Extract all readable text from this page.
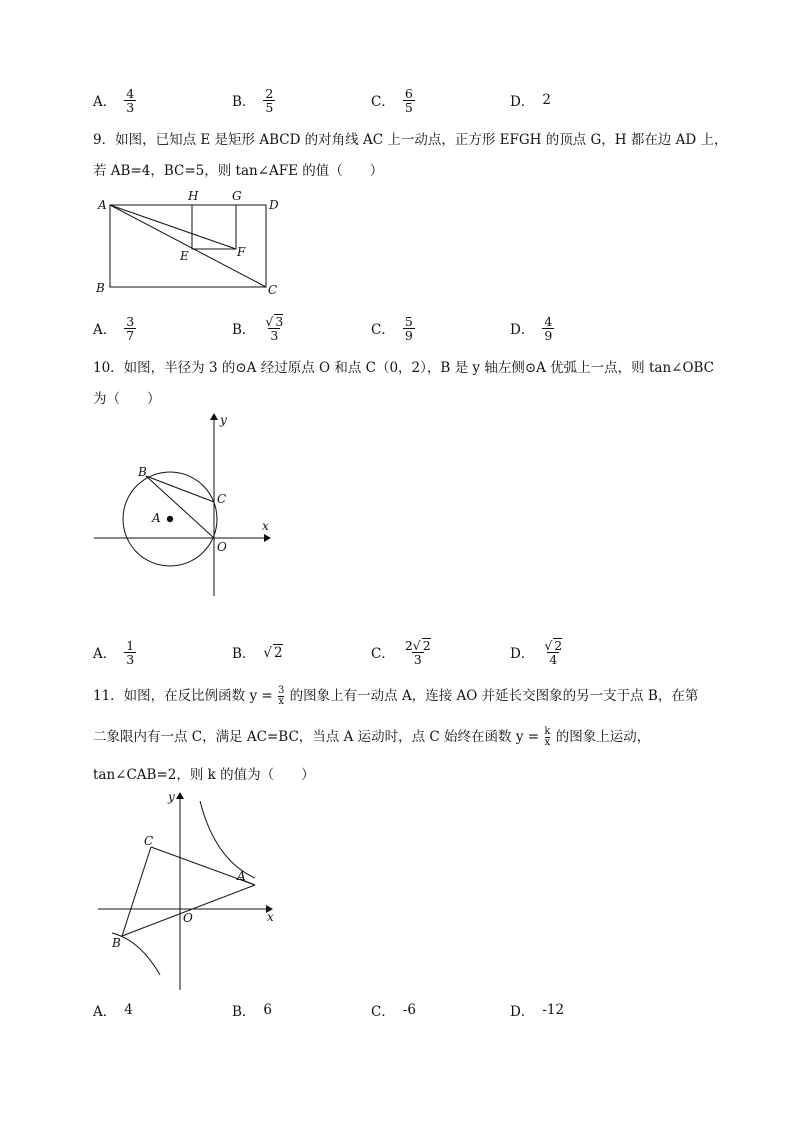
A． $\frac{4}{3}$	B． $\frac{2}{5}$	C． $\frac{6}{5}$	D． 2
9．如图，已知点 E 是矩形 ABCD 的对角线 AC 上一动点，正方形 EFGH 的顶点 G，H 都在边 AD 上，
若 AB=4，BC=5，则 tan∠AFE 的值（　　）
A
H	G
D
E	F
B	C
A． $\frac{3}{7}$	B． $\frac{√ 3}{3}$	C． $\frac{5}{9}$	D． $\frac{4}{9}$
10．如图，半径为 3 的⊙A 经过原点 O 和点 C（0，2），B 是 y 轴左侧⊙A 优弧上一点，则 tan∠OBC
为（　　）
y
x
B
C
A
O
A． $\frac{1}{3}$	B． √ 2	C． $\frac{2√ 2}{3}$	D． $\frac{√ 2}{4}$
11．如图，在反比例函数 $y = \frac{3}{x}$ 的图象上有一动点 A，连接 AO 并延长交图象的另一支于点 B，在第
二象限内有一点 C，满足 AC=BC，当点 A 运动时，点 C 始终在函数 $y = \frac{k}{x}$ 的图象上运动，
tan∠CAB=2，则 k 的值为（　　）
y
x
C
A
O
B
A． 4	B． 6	C． -6	D． -12
